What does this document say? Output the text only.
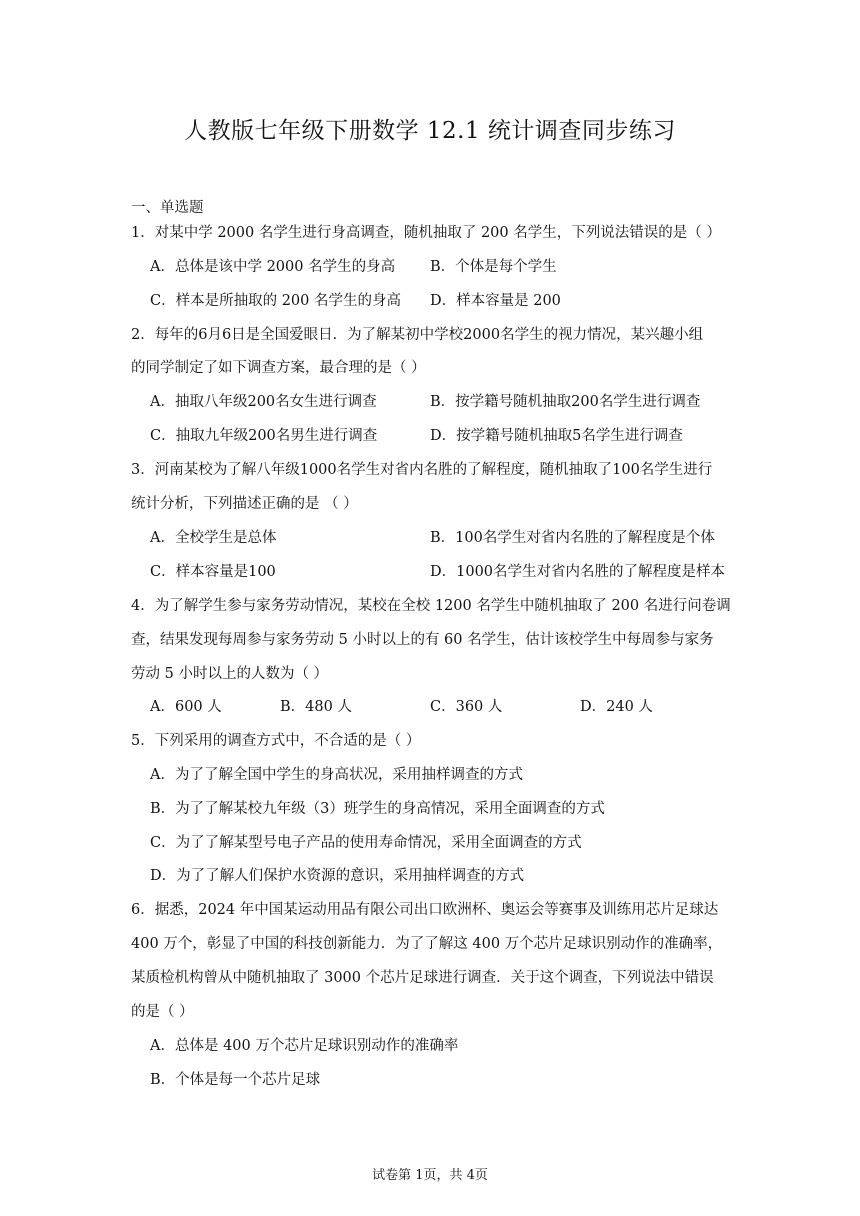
人教版七年级下册数学 12.1 统计调查同步练习
一、单选题
1．对某中学 2000 名学生进行身高调查，随机抽取了 200 名学生，下列说法错误的是（ ）
A．总体是该中学 2000 名学生的身高 B．个体是每个学生
C．样本是所抽取的 200 名学生的身高 D．样本容量是 200
2．每年的6月6日是全国爱眼日．为了解某初中学校2000名学生的视力情况，某兴趣小组
的同学制定了如下调查方案，最合理的是（ ）
A．抽取八年级200名女生进行调查	B．按学籍号随机抽取200名学生进行调查
C．抽取九年级200名男生进行调查	D．按学籍号随机抽取5名学生进行调查
3．河南某校为了解八年级1000名学生对省内名胜的了解程度，随机抽取了100名学生进行
统计分析，下列描述正确的是 （ ）
A．全校学生是总体	B．100名学生对省内名胜的了解程度是个体
C．样本容量是100	D．1000名学生对省内名胜的了解程度是样本
4．为了解学生参与家务劳动情况，某校在全校 1200 名学生中随机抽取了 200 名进行问卷调
查，结果发现每周参与家务劳动 5 小时以上的有 60 名学生，估计该校学生中每周参与家务
劳动 5 小时以上的人数为（ ）
A．600 人	B．480 人	C．360 人	D．240 人
5．下列采用的调查方式中，不合适的是（ ）
A．为了了解全国中学生的身高状况，采用抽样调查的方式
B．为了了解某校九年级（3）班学生的身高情况，采用全面调查的方式
C．为了了解某型号电子产品的使用寿命情况，采用全面调查的方式
D．为了了解人们保护水资源的意识，采用抽样调查的方式
6．据悉，2024 年中国某运动用品有限公司出口欧洲杯、奥运会等赛事及训练用芯片足球达
400 万个，彰显了中国的科技创新能力．为了了解这 400 万个芯片足球识别动作的准确率，
某质检机构曾从中随机抽取了 3000 个芯片足球进行调查．关于这个调查，下列说法中错误
的是（ ）
A．总体是 400 万个芯片足球识别动作的准确率
B．个体是每一个芯片足球
试卷第 1页，共 4页
